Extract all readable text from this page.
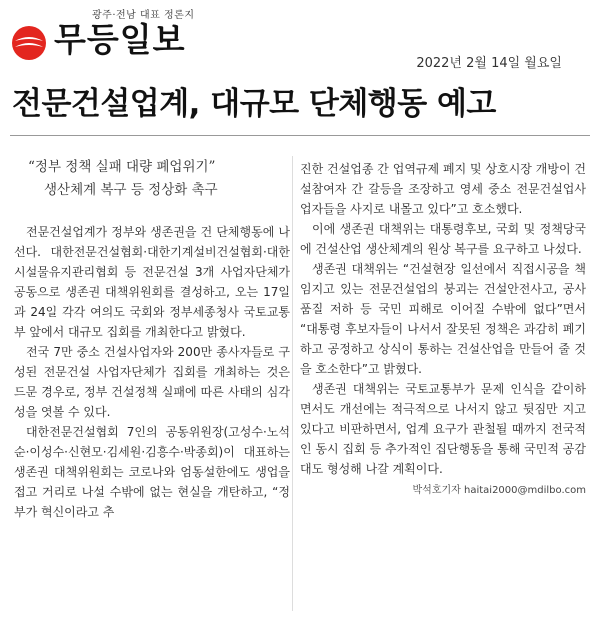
광주·전남 대표 정론지
무등일보
2022년 2월 14일 월요일
전문건설업계, 대규모 단체행동 예고
“정부 정책 실패 대량 폐업위기”
생산체계 복구 등 정상화 촉구

전문건설업계가 정부와 생존권을 건 단체행동에 나선다. 대한전문건설협회·대한기계설비건설협회·대한시설물유지관리협회 등 전문건설 3개 사업자단체가 공동으로 생존권 대책위원회를 결성하고, 오는 17일과 24일 각각 여의도 국회와 정부세종청사 국토교통부 앞에서 대규모 집회를 개최한다고 밝혔다.

전국 7만 중소 건설사업자와 200만 종사자들로 구성된 전문건설 사업자단체가 집회를 개최하는 것은 드문 경우로, 정부 건설정책 실패에 따른 사태의 심각성을 엿볼 수 있다.

대한전문건설협회 7인의 공동위원장(고성수·노석순·이성수·신현모·김세원·김흥수·박종회)이 대표하는 생존권 대책위원회는 코로나와 엄동설한에도 생업을 접고 거리로 나설 수밖에 없는 현실을 개탄하고, “정부가 혁신이라고 추

진한 건설업종 간 업역규제 폐지 및 상호시장 개방이 건설참여자 간 갈등을 조장하고 영세 중소 전문건설업사업자들을 사지로 내몰고 있다”고 호소했다.

이에 생존권 대책위는 대통령후보, 국회 및 정책당국에 건설산업 생산체계의 원상 복구를 요구하고 나섰다.

생존권 대책위는 “건설현장 일선에서 직접시공을 책임지고 있는 전문건설업의 붕괴는 건설안전사고, 공사품질 저하 등 국민 피해로 이어질 수밖에 없다”면서 “대통령 후보자들이 나서서 잘못된 정책은 과감히 폐기하고 공정하고 상식이 통하는 건설산업을 만들어 줄 것을 호소한다”고 밝혔다.

생존권 대책위는 국토교통부가 문제 인식을 같이하면서도 개선에는 적극적으로 나서지 않고 뒷짐만 지고 있다고 비판하면서, 업계 요구가 관철될 때까지 전국적인 동시 집회 등 추가적인 집단행동을 통해 국민적 공감대도 형성해 나갈 계획이다.

박석호기자 haitai2000@mdilbo.com
